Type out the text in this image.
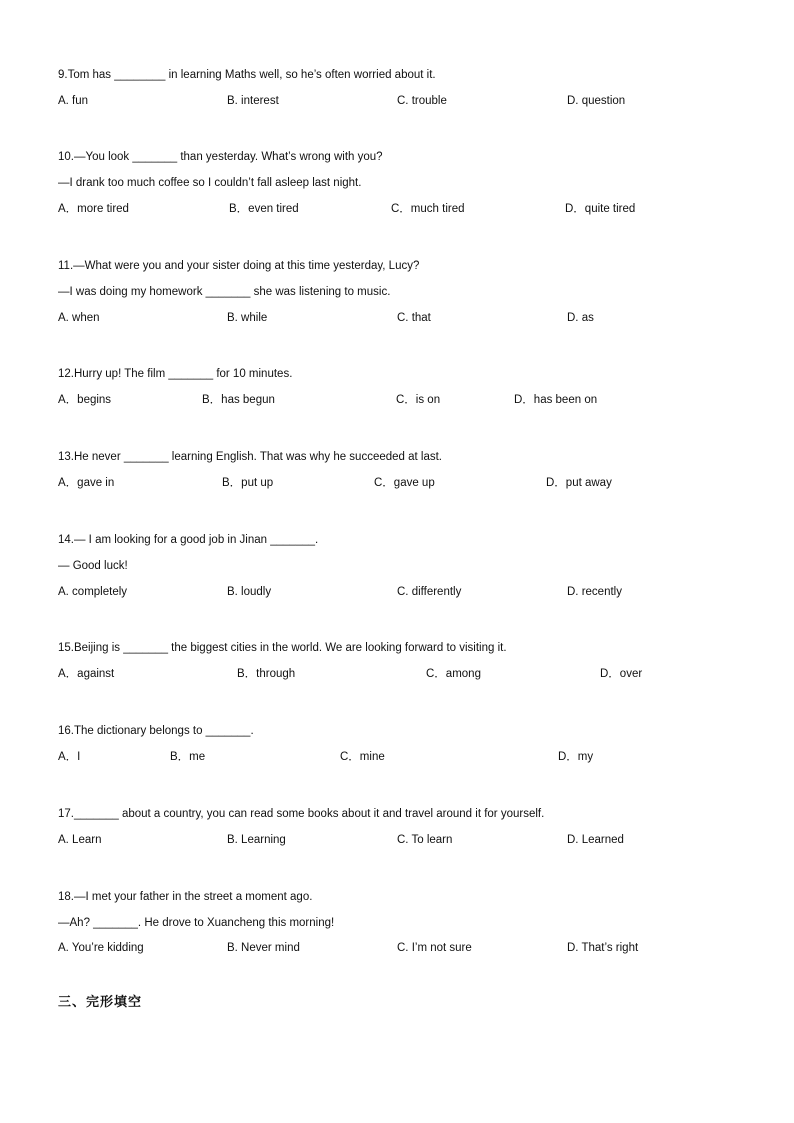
9.Tom has ________ in learning Maths well, so he’s often worried about it.
A. fun	B. interest	C. trouble	D. question
10.—You look _______ than yesterday. What’s wrong with you?
—I drank too much coffee so I couldn’t fall asleep last night.
A．more tired	B．even tired	C．much tired	D．quite tired
11.—What were you and your sister doing at this time yesterday, Lucy?
—I was doing my homework _______ she was listening to music.
A. when	B. while	C. that	D. as
12.Hurry up! The film _______ for 10 minutes.
A．begins	B．has begun	C．is on	D．has been on
13.He never _______ learning English. That was why he succeeded at last.
A．gave in	B．put up	C．gave up	D．put away
14.— I am looking for a good job in Jinan _______.
— Good luck!
A. completely	B. loudly	C. differently	D. recently
15.Beijing is _______ the biggest cities in the world. We are looking forward to visiting it.
A．against	B．through	C．among	D．over
16.The dictionary belongs to _______.
A．I	B．me	C．mine	D．my
17._______ about a country, you can read some books about it and travel around it for yourself.
A. Learn	B. Learning	C. To learn	D. Learned
18.—I met your father in the street a moment ago.
—Ah? _______. He drove to Xuancheng this morning!
A. You’re kidding	B. Never mind	C. I’m not sure	D. That’s right
三、完形填空
